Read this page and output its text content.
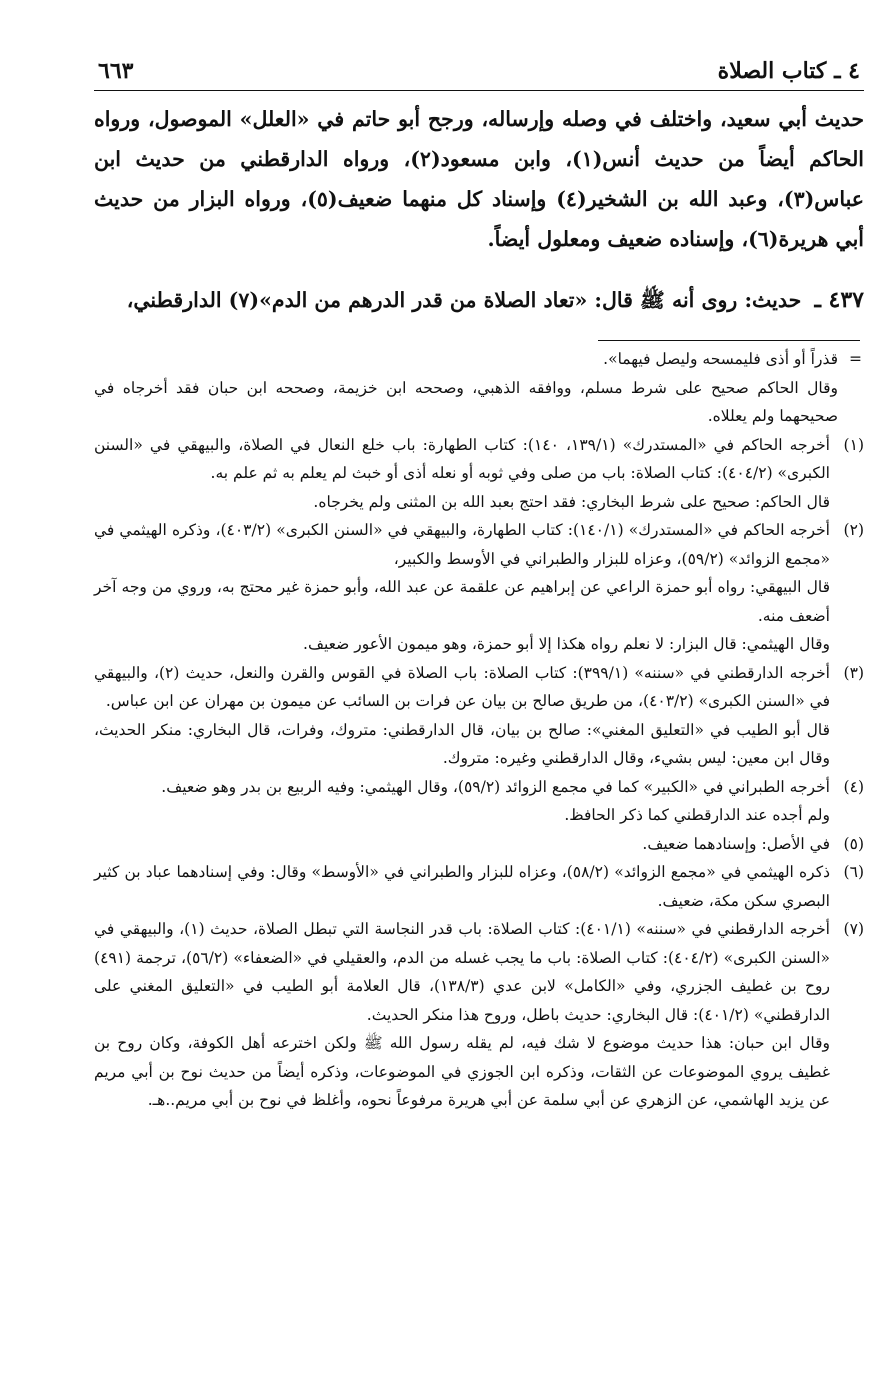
٤ ـ كتاب الصلاة
٦٦٣

حديث أبي سعيد، واختلف في وصله وإرساله، ورجح أبو حاتم في «العلل» الموصول، ورواه الحاكم أيضاً من حديث أنس(١)، وابن مسعود(٢)، ورواه الدارقطني من حديث ابن عباس(٣)، وعبد الله بن الشخير(٤) وإسناد كل منهما ضعيف(٥)، ورواه البزار من حديث أبي هريرة(٦)، وإسناده ضعيف ومعلول أيضاً.

٤٣٧ ـ حديث: روى أنه ﷺ قال: «تعاد الصلاة من قدر الدرهم من الدم»(٧) الدارقطني،

=

قذراً أو أذى فليمسحه وليصل فيهما».

وقال الحاكم صحيح على شرط مسلم، ووافقه الذهبي، وصححه ابن خزيمة، وصححه ابن حبان فقد أخرجاه في صحيحهما ولم يعللاه.

(١)

أخرجه الحاكم في «المستدرك» (١٣٩/١، ١٤٠): كتاب الطهارة: باب خلع النعال في الصلاة، والبيهقي في «السنن الكبرى» (٤٠٤/٢): كتاب الصلاة: باب من صلى وفي ثوبه أو نعله أذى أو خبث لم يعلم به ثم علم به.

قال الحاكم: صحيح على شرط البخاري: فقد احتج بعبد الله بن المثنى ولم يخرجاه.

(٢)

أخرجه الحاكم في «المستدرك» (١٤٠/١): كتاب الطهارة، والبيهقي في «السنن الكبرى» (٤٠٣/٢)، وذكره الهيثمي في «مجمع الزوائد» (٥٩/٢)، وعزاه للبزار والطبراني في الأوسط والكبير،

قال البيهقي: رواه أبو حمزة الراعي عن إبراهيم عن علقمة عن عبد الله، وأبو حمزة غير محتج به، وروي من وجه آخر أضعف منه.

وقال الهيثمي: قال البزار: لا نعلم رواه هكذا إلا أبو حمزة، وهو ميمون الأعور ضعيف.

(٣)

أخرجه الدارقطني في «سننه» (٣٩٩/١): كتاب الصلاة: باب الصلاة في القوس والقرن والنعل، حديث (٢)، والبيهقي في «السنن الكبرى» (٤٠٣/٢)، من طريق صالح بن بيان عن فرات بن السائب عن ميمون بن مهران عن ابن عباس.

قال أبو الطيب في «التعليق المغني»: صالح بن بيان، قال الدارقطني: متروك، وفرات، قال البخاري: منكر الحديث، وقال ابن معين: ليس بشيء، وقال الدارقطني وغيره: متروك.

(٤)

أخرجه الطبراني في «الكبير» كما في مجمع الزوائد (٥٩/٢)، وقال الهيثمي: وفيه الربيع بن بدر وهو ضعيف.

ولم أجده عند الدارقطني كما ذكر الحافظ.

(٥)

في الأصل: وإسنادهما ضعيف.

(٦)

ذكره الهيثمي في «مجمع الزوائد» (٥٨/٢)، وعزاه للبزار والطبراني في «الأوسط» وقال: وفي إسنادهما عباد بن كثير البصري سكن مكة، ضعيف.

(٧)

أخرجه الدارقطني في «سننه» (٤٠١/١): كتاب الصلاة: باب قدر النجاسة التي تبطل الصلاة، حديث (١)، والبيهقي في «السنن الكبرى» (٤٠٤/٢): كتاب الصلاة: باب ما يجب غسله من الدم، والعقيلي في «الضعفاء» (٥٦/٢)، ترجمة (٤٩١) روح بن غطيف الجزري، وفي «الكامل» لابن عدي (١٣٨/٣)، قال العلامة أبو الطيب في «التعليق المغني على الدارقطني» (٤٠١/٢): قال البخاري: حديث باطل، وروح هذا منكر الحديث.

وقال ابن حبان: هذا حديث موضوع لا شك فيه، لم يقله رسول الله ﷺ ولكن اخترعه أهل الكوفة، وكان روح بن غطيف يروي الموضوعات عن الثقات، وذكره ابن الجوزي في الموضوعات، وذكره أيضاً من حديث نوح بن أبي مريم عن يزيد الهاشمي، عن الزهري عن أبي سلمة عن أبي هريرة مرفوعاً نحوه، وأغلظ في نوح بن أبي مريم..هـ.
